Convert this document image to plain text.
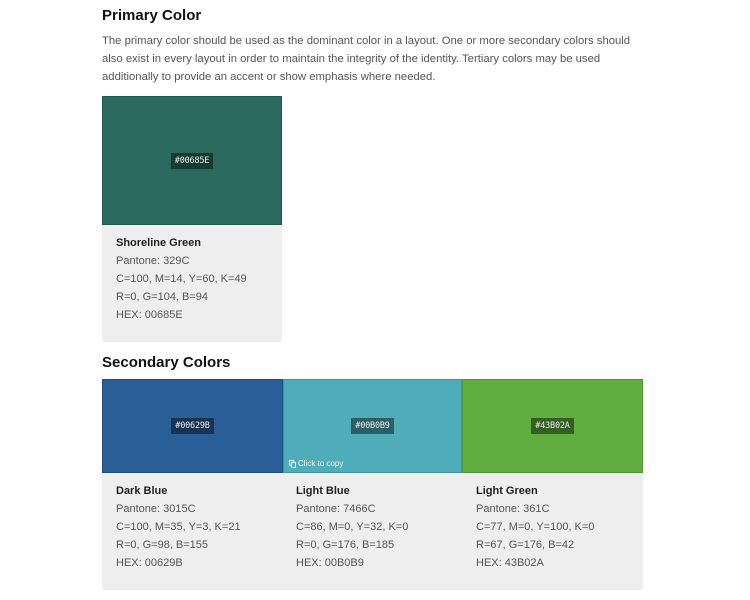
Primary Color

The primary color should be used as the dominant color in a layout. One or more secondary colors should also exist in every layout in order to maintain the integrity of the identity. Tertiary colors may be used additionally to provide an accent or show emphasis where needed.

#00685E
Shoreline Green
Pantone: 329C
C=100, M=14, Y=60, K=49
R=0, G=104, B=94
HEX: 00685E
Secondary Colors
#00629B	#00B0B9
Click to copy
#43B02A
Dark Blue
Pantone: 3015C
C=100, M=35, Y=3, K=21
R=0, G=98, B=155
HEX: 00629B
Light Blue
Pantone: 7466C
C=86, M=0, Y=32, K=0
R=0, G=176, B=185
HEX: 00B0B9
Light Green
Pantone: 361C
C=77, M=0, Y=100, K=0
R=67, G=176, B=42
HEX: 43B02A
